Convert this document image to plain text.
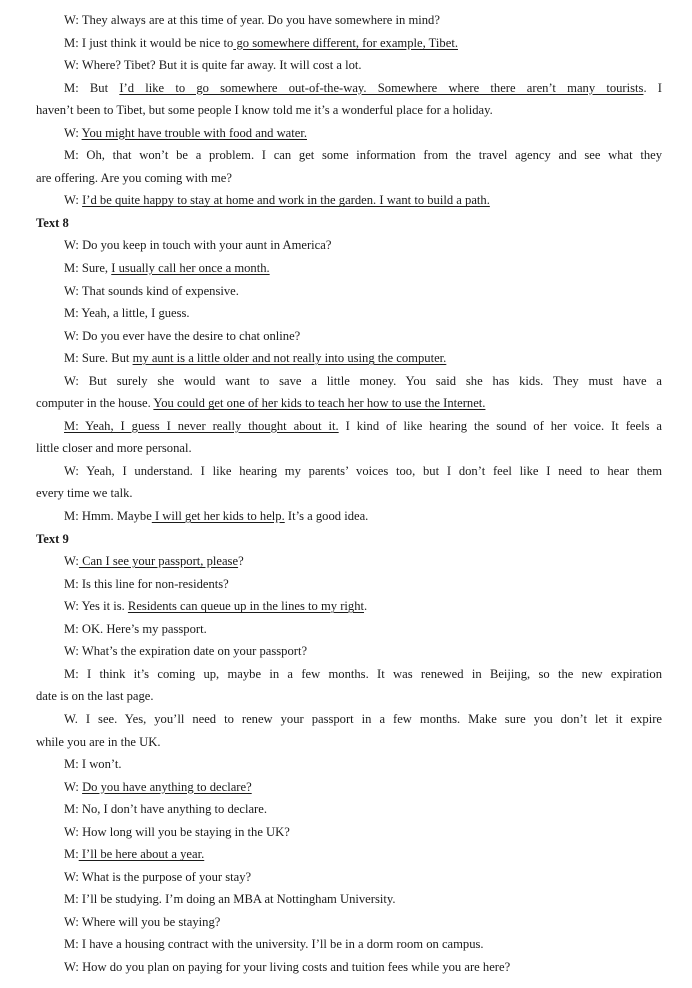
W: They always are at this time of year. Do you have somewhere in mind?
M: I just think it would be nice to go somewhere different, for example, Tibet.
W: Where? Tibet? But it is quite far away. It will cost a lot.
M: But I’d like to go somewhere out-of-the-way. Somewhere where there aren’t many tourists. I
haven’t been to Tibet, but some people I know told me it’s a wonderful place for a holiday.
W: You might have trouble with food and water.
M: Oh, that won’t be a problem. I can get some information from the travel agency and see what they
are offering. Are you coming with me?
W: I’d be quite happy to stay at home and work in the garden. I want to build a path.
Text 8
W: Do you keep in touch with your aunt in America?
M: Sure, I usually call her once a month.
W: That sounds kind of expensive.
M: Yeah, a little, I guess.
W: Do you ever have the desire to chat online?
M: Sure. But my aunt is a little older and not really into using the computer.
W: But surely she would want to save a little money. You said she has kids. They must have a
computer in the house. You could get one of her kids to teach her how to use the Internet.
M: Yeah, I guess I never really thought about it. I kind of like hearing the sound of her voice. It feels a
little closer and more personal.
W: Yeah, I understand. I like hearing my parents’ voices too, but I don’t feel like I need to hear them
every time we talk.
M: Hmm. Maybe I will get her kids to help. It’s a good idea.
Text 9
W: Can I see your passport, please?
M: Is this line for non-residents?
W: Yes it is. Residents can queue up in the lines to my right.
M: OK. Here’s my passport.
W: What’s the expiration date on your passport?
M: I think it’s coming up, maybe in a few months. It was renewed in Beijing, so the new expiration
date is on the last page.
W. I see. Yes, you’ll need to renew your passport in a few months. Make sure you don’t let it expire
while you are in the UK.
M: I won’t.
W: Do you have anything to declare?
M: No, I don’t have anything to declare.
W: How long will you be staying in the UK?
M: I’ll be here about a year.
W: What is the purpose of your stay?
M: I’ll be studying. I’m doing an MBA at Nottingham University.
W: Where will you be staying?
M: I have a housing contract with the university. I’ll be in a dorm room on campus.
W: How do you plan on paying for your living costs and tuition fees while you are here?
